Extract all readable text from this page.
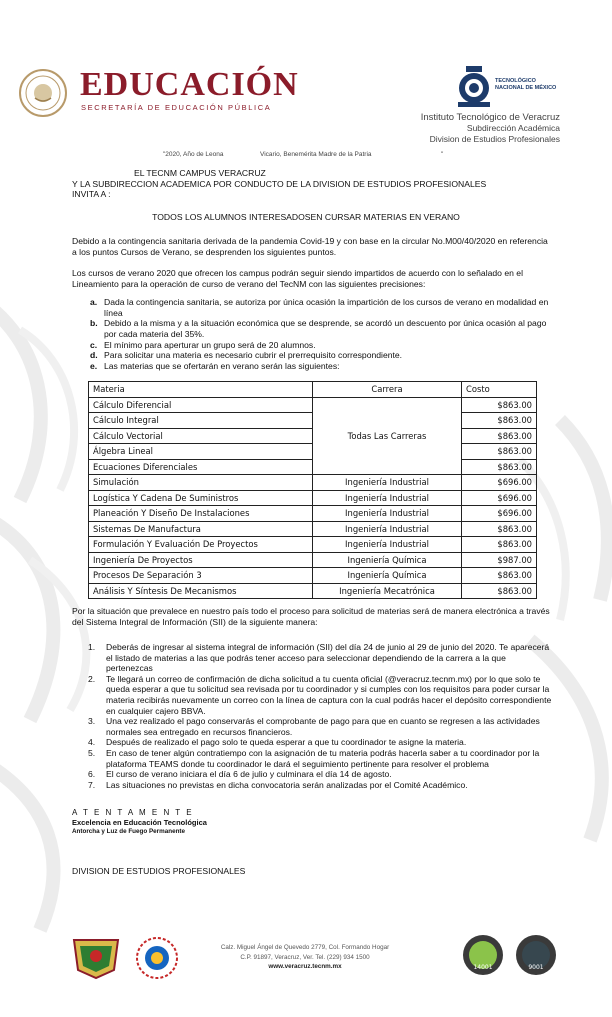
EDUCACIÓN
SECRETARÍA DE EDUCACIÓN PÚBLICA
TECNOLÓGICO
NACIONAL DE MÉXICO
Instituto Tecnológico de Veracruz
Subdirección Académica
Division de Estudios Profesionales
"2020, Año de Leona	Vicario, Benemérita Madre de la Patria	"
EL TECNM CAMPUS VERACRUZ
Y LA SUBDIRECCION ACADEMICA POR CONDUCTO DE LA DIVISION DE ESTUDIOS PROFESIONALES
INVITA A :
TODOS LOS ALUMNOS INTERESADOSEN CURSAR MATERIAS EN VERANO
Debido a la contingencia sanitaria derivada de la pandemia Covid-19 y con base en la circular No.M00/40/2020 en referencia a los puntos Cursos de Verano, se desprenden los siguientes puntos.
Los cursos de verano 2020 que ofrecen los campus podrán seguir siendo impartidos de acuerdo con lo señalado en el Lineamiento para la operación de curso de verano del TecNM con las siguientes precisiones:
a. Dada la contingencia sanitaria, se autoriza por única ocasión la impartición de los cursos de verano en modalidad en línea
b. Debido a la misma y a la situación económica que se desprende, se acordó un descuento por única ocasión al pago por cada materia del 35%.
c. El mínimo para aperturar un grupo será de 20 alumnos.
d. Para solicitar una materia es necesario cubrir el prerrequisito correspondiente.
e. Las materias que se ofertarán en verano serán las siguientes:
Materia	Carrera	Costo
Cálculo Diferencial	Todas Las Carreras	$863.00
Cálculo Integral		$863.00
Cálculo Vectorial		$863.00
Álgebra Lineal		$863.00
Ecuaciones Diferenciales		$863.00
Simulación	Ingeniería Industrial	$696.00
Logística Y Cadena De Suministros	Ingeniería Industrial	$696.00
Planeación Y Diseño De Instalaciones	Ingeniería Industrial	$696.00
Sistemas De Manufactura	Ingeniería Industrial	$863.00
Formulación Y Evaluación De Proyectos	Ingeniería Industrial	$863.00
Ingeniería De Proyectos	Ingeniería Química	$987.00
Procesos De Separación 3	Ingeniería Química	$863.00
Análisis Y Síntesis De Mecanismos	Ingeniería Mecatrónica	$863.00
Por la situación que prevalece en nuestro país todo el proceso para solicitud de materias será de manera electrónica a través del Sistema Integral de Información (SII) de la siguiente manera:
1. Deberás de ingresar al sistema integral de información (SII) del día 24 de junio al 29 de junio del 2020. Te aparecerá el listado de materias a las que podrás tener acceso para seleccionar dependiendo de la carrera a la que pertenezcas
2. Te llegará un correo de confirmación de dicha solicitud a tu cuenta oficial (@veracruz.tecnm.mx) por lo que solo te queda esperar a que tu solicitud sea revisada por tu coordinador y si cumples con los requisitos para poder cursar la materia recibirás nuevamente un correo con la línea de captura con la cual podrás hacer el depósito correspondiente en cualquier cajero BBVA.
3. Una vez realizado el pago conservarás el comprobante de pago para que en cuanto se regresen a las actividades normales sea entregado en recursos financieros.
4. Después de realizado el pago solo te queda esperar a que tu coordinador te asigne la materia.
5. En caso de tener algún contratiempo con la asignación de tu materia podrás hacerla saber a tu coordinador por la plataforma TEAMS donde tu coordinador le dará el seguimiento pertinente para resolver el problema
6. El curso de verano iniciara el día 6 de julio y culminara el día 14 de agosto.
7. Las situaciones no previstas en dicha convocatoria serán analizadas por el Comité Académico.
A T E N T A M E N T E
Excelencia en Educación Tecnológica
Antorcha y Luz de Fuego Permanente
DIVISION DE ESTUDIOS PROFESIONALES
Calz. Miguel Ángel de Quevedo 2779, Col. Formando Hogar
C.P. 91897, Veracruz, Ver. Tel. (229) 934 1500
www.veracruz.tecnm.mx	14001	9001
